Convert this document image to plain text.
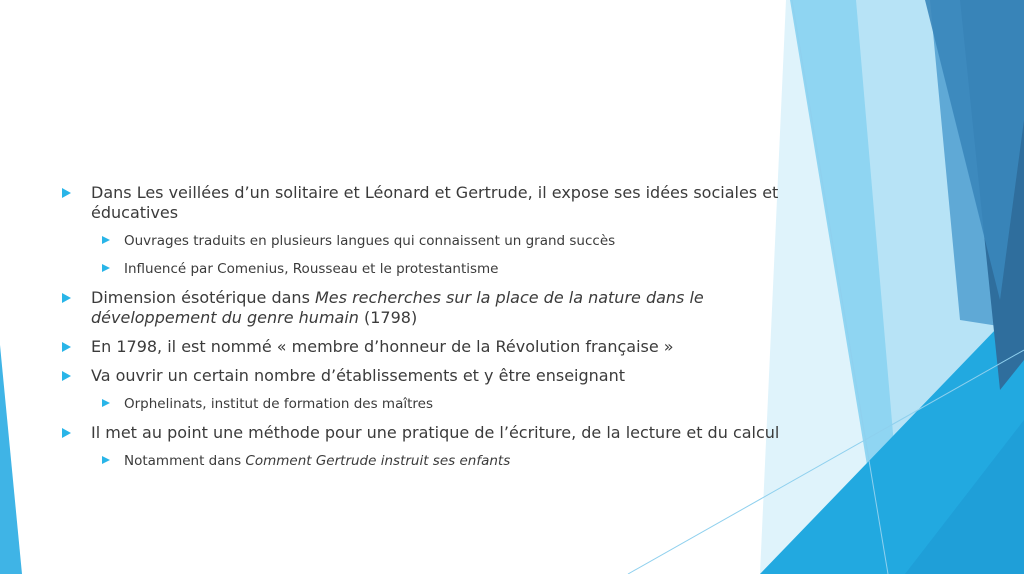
Dans Les veillées d’un solitaire et Léonard et Gertrude, il expose ses idées sociales et éducatives
Ouvrages traduits en plusieurs langues qui connaissent un grand succès
Influencé par Comenius, Rousseau et le protestantisme
Dimension ésotérique dans Mes recherches sur la place de la nature dans le développement du genre humain (1798)
En 1798, il est nommé « membre d’honneur de la Révolution française »
Va ouvrir un certain nombre d’établissements et y être enseignant
Orphelinats, institut de formation des maîtres
Il met au point une méthode pour une pratique de l’écriture, de la lecture et du calcul
Notamment dans Comment Gertrude instruit ses enfants
